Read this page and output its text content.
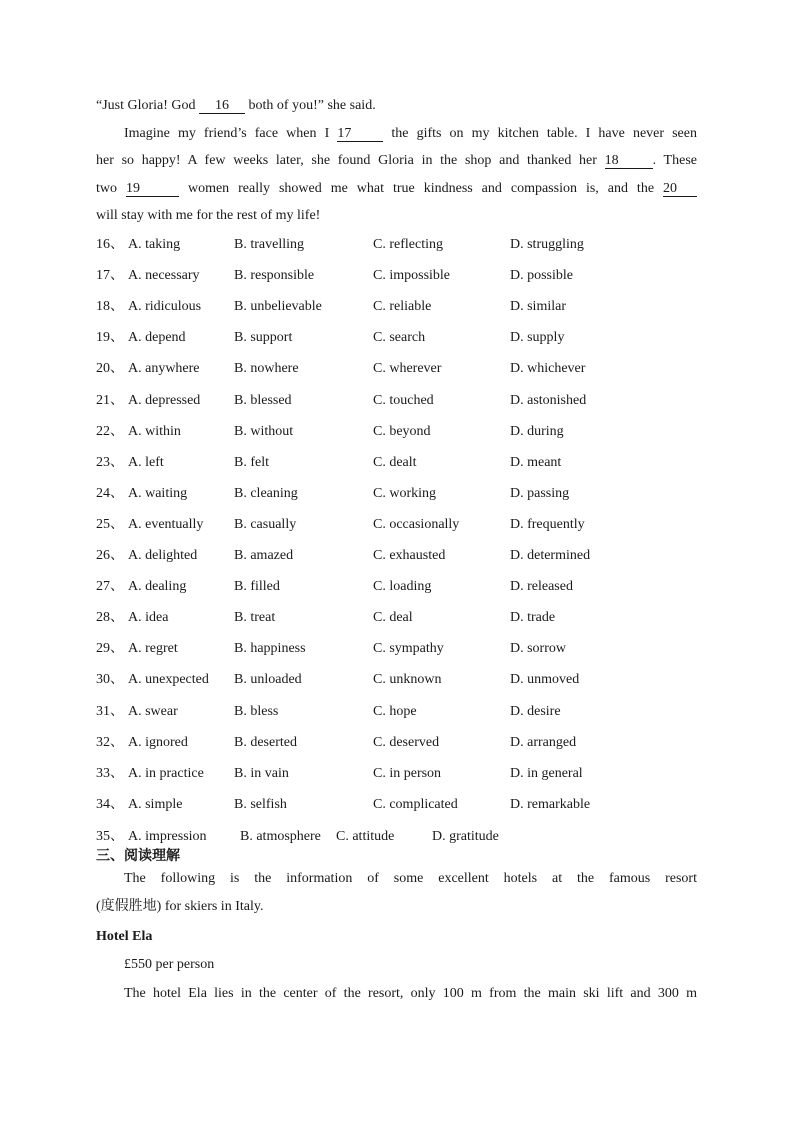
“Just Gloria! God 16 both of you!” she said.
Imagine my friend’s face when I 17 the gifts on my kitchen table. I have never seen
her so happy! A few weeks later, she found Gloria in the shop and thanked her 18 . These
two 19	women really showed me what true kindness and compassion is, and the 20
will stay with me for the rest of my life!
16、 A. taking	B. travelling	C. reflecting	D. struggling
17、 A. necessary B. responsible	C. impossible	D. possible
18、 A. ridiculous B. unbelievable	C. reliable	D. similar
19、 A. depend	B. support	C. search	D. supply
20、 A. anywhere B. nowhere	C. wherever	D. whichever
21、 A. depressed B. blessed	C. touched	D. astonished
22、 A. within	B. without	C. beyond	D. during
23、 A. left	B. felt	C. dealt	D. meant
24、 A. waiting	B. cleaning	C. working	D. passing
25、 A. eventually B. casually	C. occasionally	D. frequently
26、 A. delighted	B. amazed	C. exhausted	D. determined
27、 A. dealing	B. filled	C. loading	D. released
28、 A. idea	B. treat	C. deal	D. trade
29、 A. regret	B. happiness	C. sympathy	D. sorrow
30、 A. unexpected B. unloaded	C. unknown	D. unmoved
31、 A. swear	B. bless	C. hope	D. desire
32、 A. ignored	B. deserted	C. deserved	D. arranged
33、 A. in practice B. in vain	C. in person	D. in general
34、 A. simple	B. selfish	C. complicated	D. remarkable
35、 A. impression B. atmosphere C. attitude	D. gratitude
三、阅读理解
The following is the information of some excellent hotels at the famous resort
(度假胜地) for skiers in Italy.
Hotel Ela
£550 per person
The hotel Ela lies in the center of the resort, only 100 m from the main ski lift and 300 m
